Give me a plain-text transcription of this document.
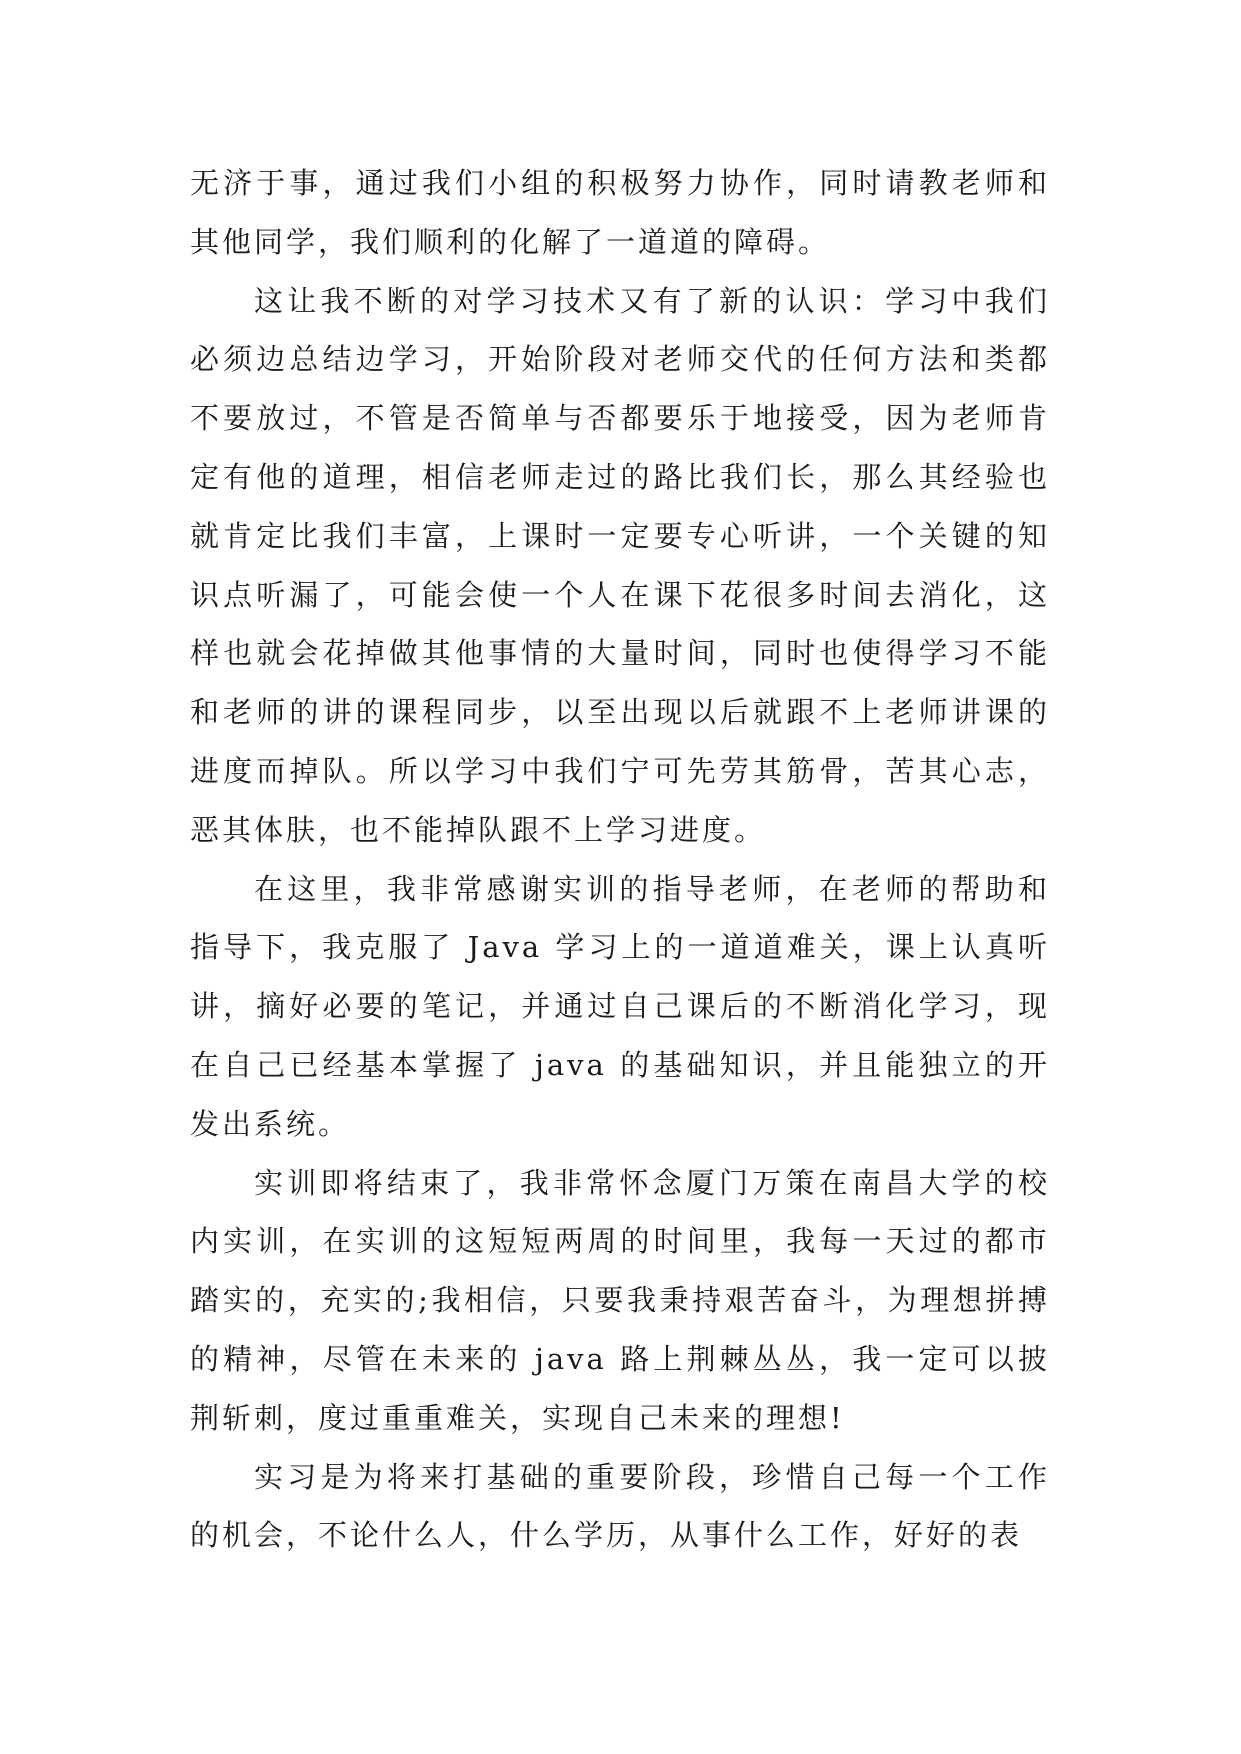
无济于事，通过我们小组的积极努力协作，同时请教老师和其他同学，我们顺利的化解了一道道的障碍。

这让我不断的对学习技术又有了新的认识：学习中我们必须边总结边学习，开始阶段对老师交代的任何方法和类都不要放过，不管是否简单与否都要乐于地接受，因为老师肯定有他的道理，相信老师走过的路比我们长，那么其经验也就肯定比我们丰富，上课时一定要专心听讲，一个关键的知识点听漏了，可能会使一个人在课下花很多时间去消化，这样也就会花掉做其他事情的大量时间，同时也使得学习不能和老师的讲的课程同步，以至出现以后就跟不上老师讲课的进度而掉队。所以学习中我们宁可先劳其筋骨，苦其心志，恶其体肤，也不能掉队跟不上学习进度。

在这里，我非常感谢实训的指导老师，在老师的帮助和指导下，我克服了 Java 学习上的一道道难关，课上认真听讲，摘好必要的笔记，并通过自己课后的不断消化学习，现在自己已经基本掌握了 java 的基础知识，并且能独立的开发出系统。

实训即将结束了，我非常怀念厦门万策在南昌大学的校内实训，在实训的这短短两周的时间里，我每一天过的都市踏实的，充实的;我相信，只要我秉持艰苦奋斗，为理想拼搏的精神，尽管在未来的 java 路上荆棘丛丛，我一定可以披荆斩刺，度过重重难关，实现自己未来的理想!

实习是为将来打基础的重要阶段，珍惜自己每一个工作的机会，不论什么人，什么学历，从事什么工作，好好的表
